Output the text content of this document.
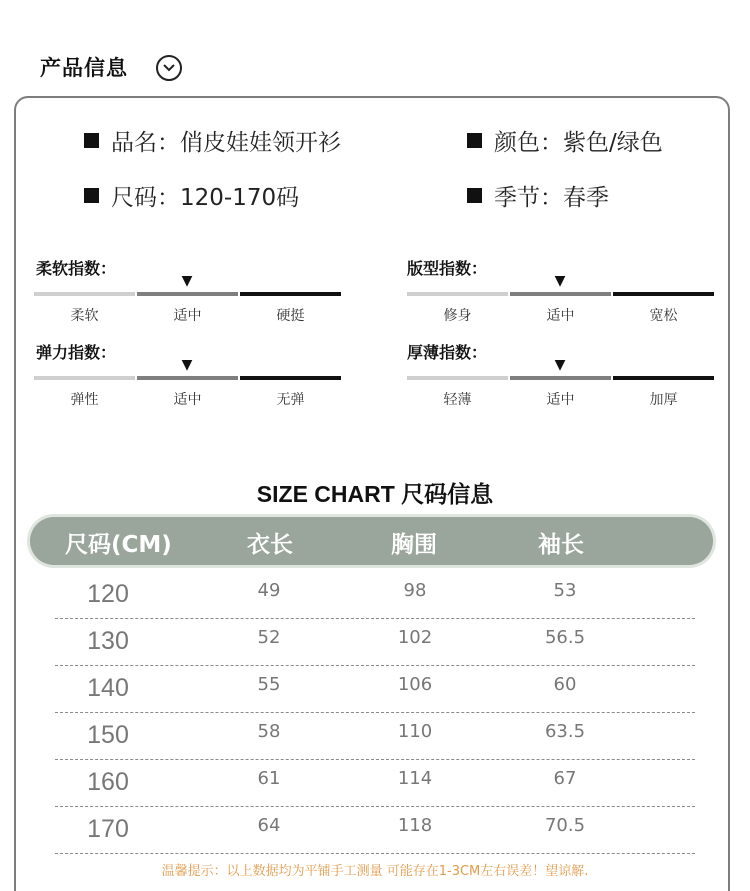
产品信息
品名： 俏皮娃娃领开衫	颜色： 紫色/绿色
尺码： 120-170码	季节： 春季
柔软指数：
▼
柔软	适中	硬挺
版型指数：
▼
修身	适中	宽松
弹力指数：
▼
弹性	适中	无弹
厚薄指数：
▼
轻薄	适中	加厚
SIZE CHART 尺码信息
尺码(CM)	衣长	胸围	袖长
120	49	98	53
130	52	102	56.5
140	55	106	60
150	58	110	63.5
160	61	114	67
170	64	118	70.5
温馨提示：以上数据均为平铺手工测量 可能存在1-3CM左右误差！望谅解.
